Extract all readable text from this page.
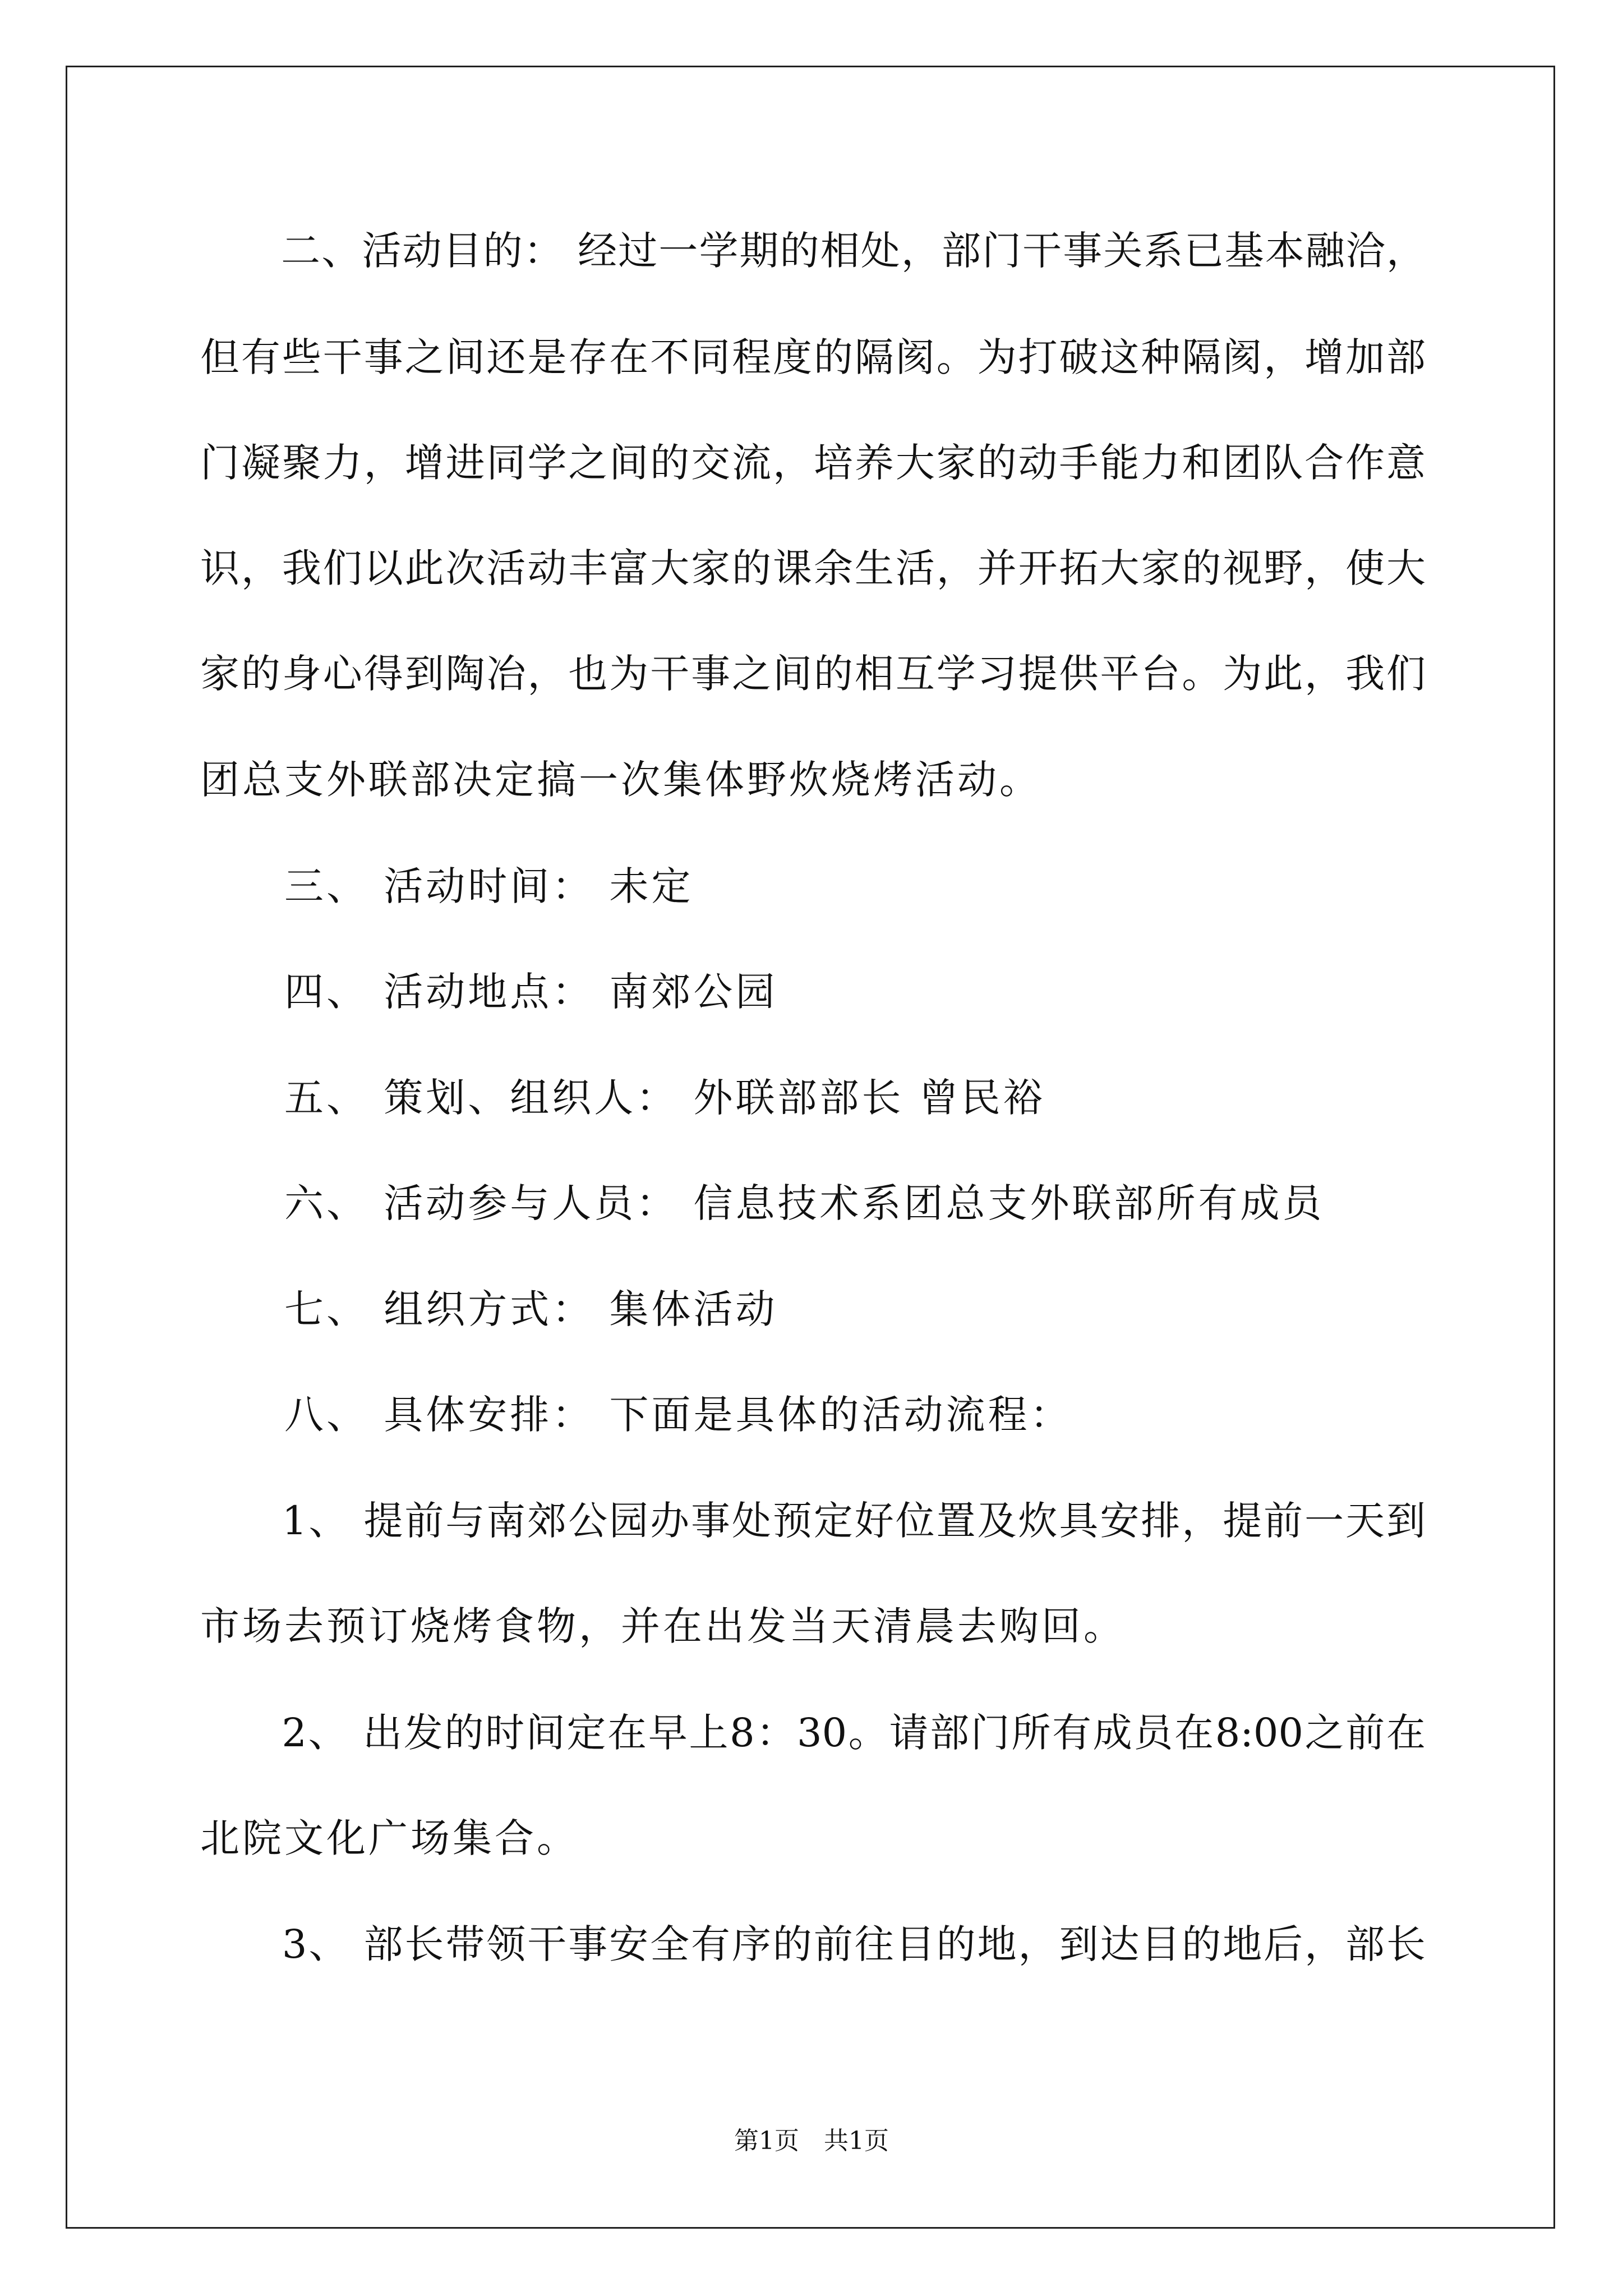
　　二、活动目的： 经过一学期的相处，部门干事关系已基本融洽，
但有些干事之间还是存在不同程度的隔阂。为打破这种隔阂，增加部
门凝聚力，增进同学之间的交流，培养大家的动手能力和团队合作意
识，我们以此次活动丰富大家的课余生活，并开拓大家的视野，使大
家的身心得到陶冶，也为干事之间的相互学习提供平台。为此，我们
团总支外联部决定搞一次集体野炊烧烤活动。
　　三、 活动时间： 未定
　　四、 活动地点： 南郊公园
　　五、 策划、组织人： 外联部部长 曾民裕
　　六、 活动参与人员： 信息技术系团总支外联部所有成员
　　七、 组织方式： 集体活动
　　八、 具体安排： 下面是具体的活动流程：
　　1、 提前与南郊公园办事处预定好位置及炊具安排，提前一天到
市场去预订烧烤食物，并在出发当天清晨去购回。
　　2、 出发的时间定在早上8：30。请部门所有成员在8:00之前在
北院文化广场集合。
　　3、 部长带领干事安全有序的前往目的地，到达目的地后，部长
第1页　共1页
